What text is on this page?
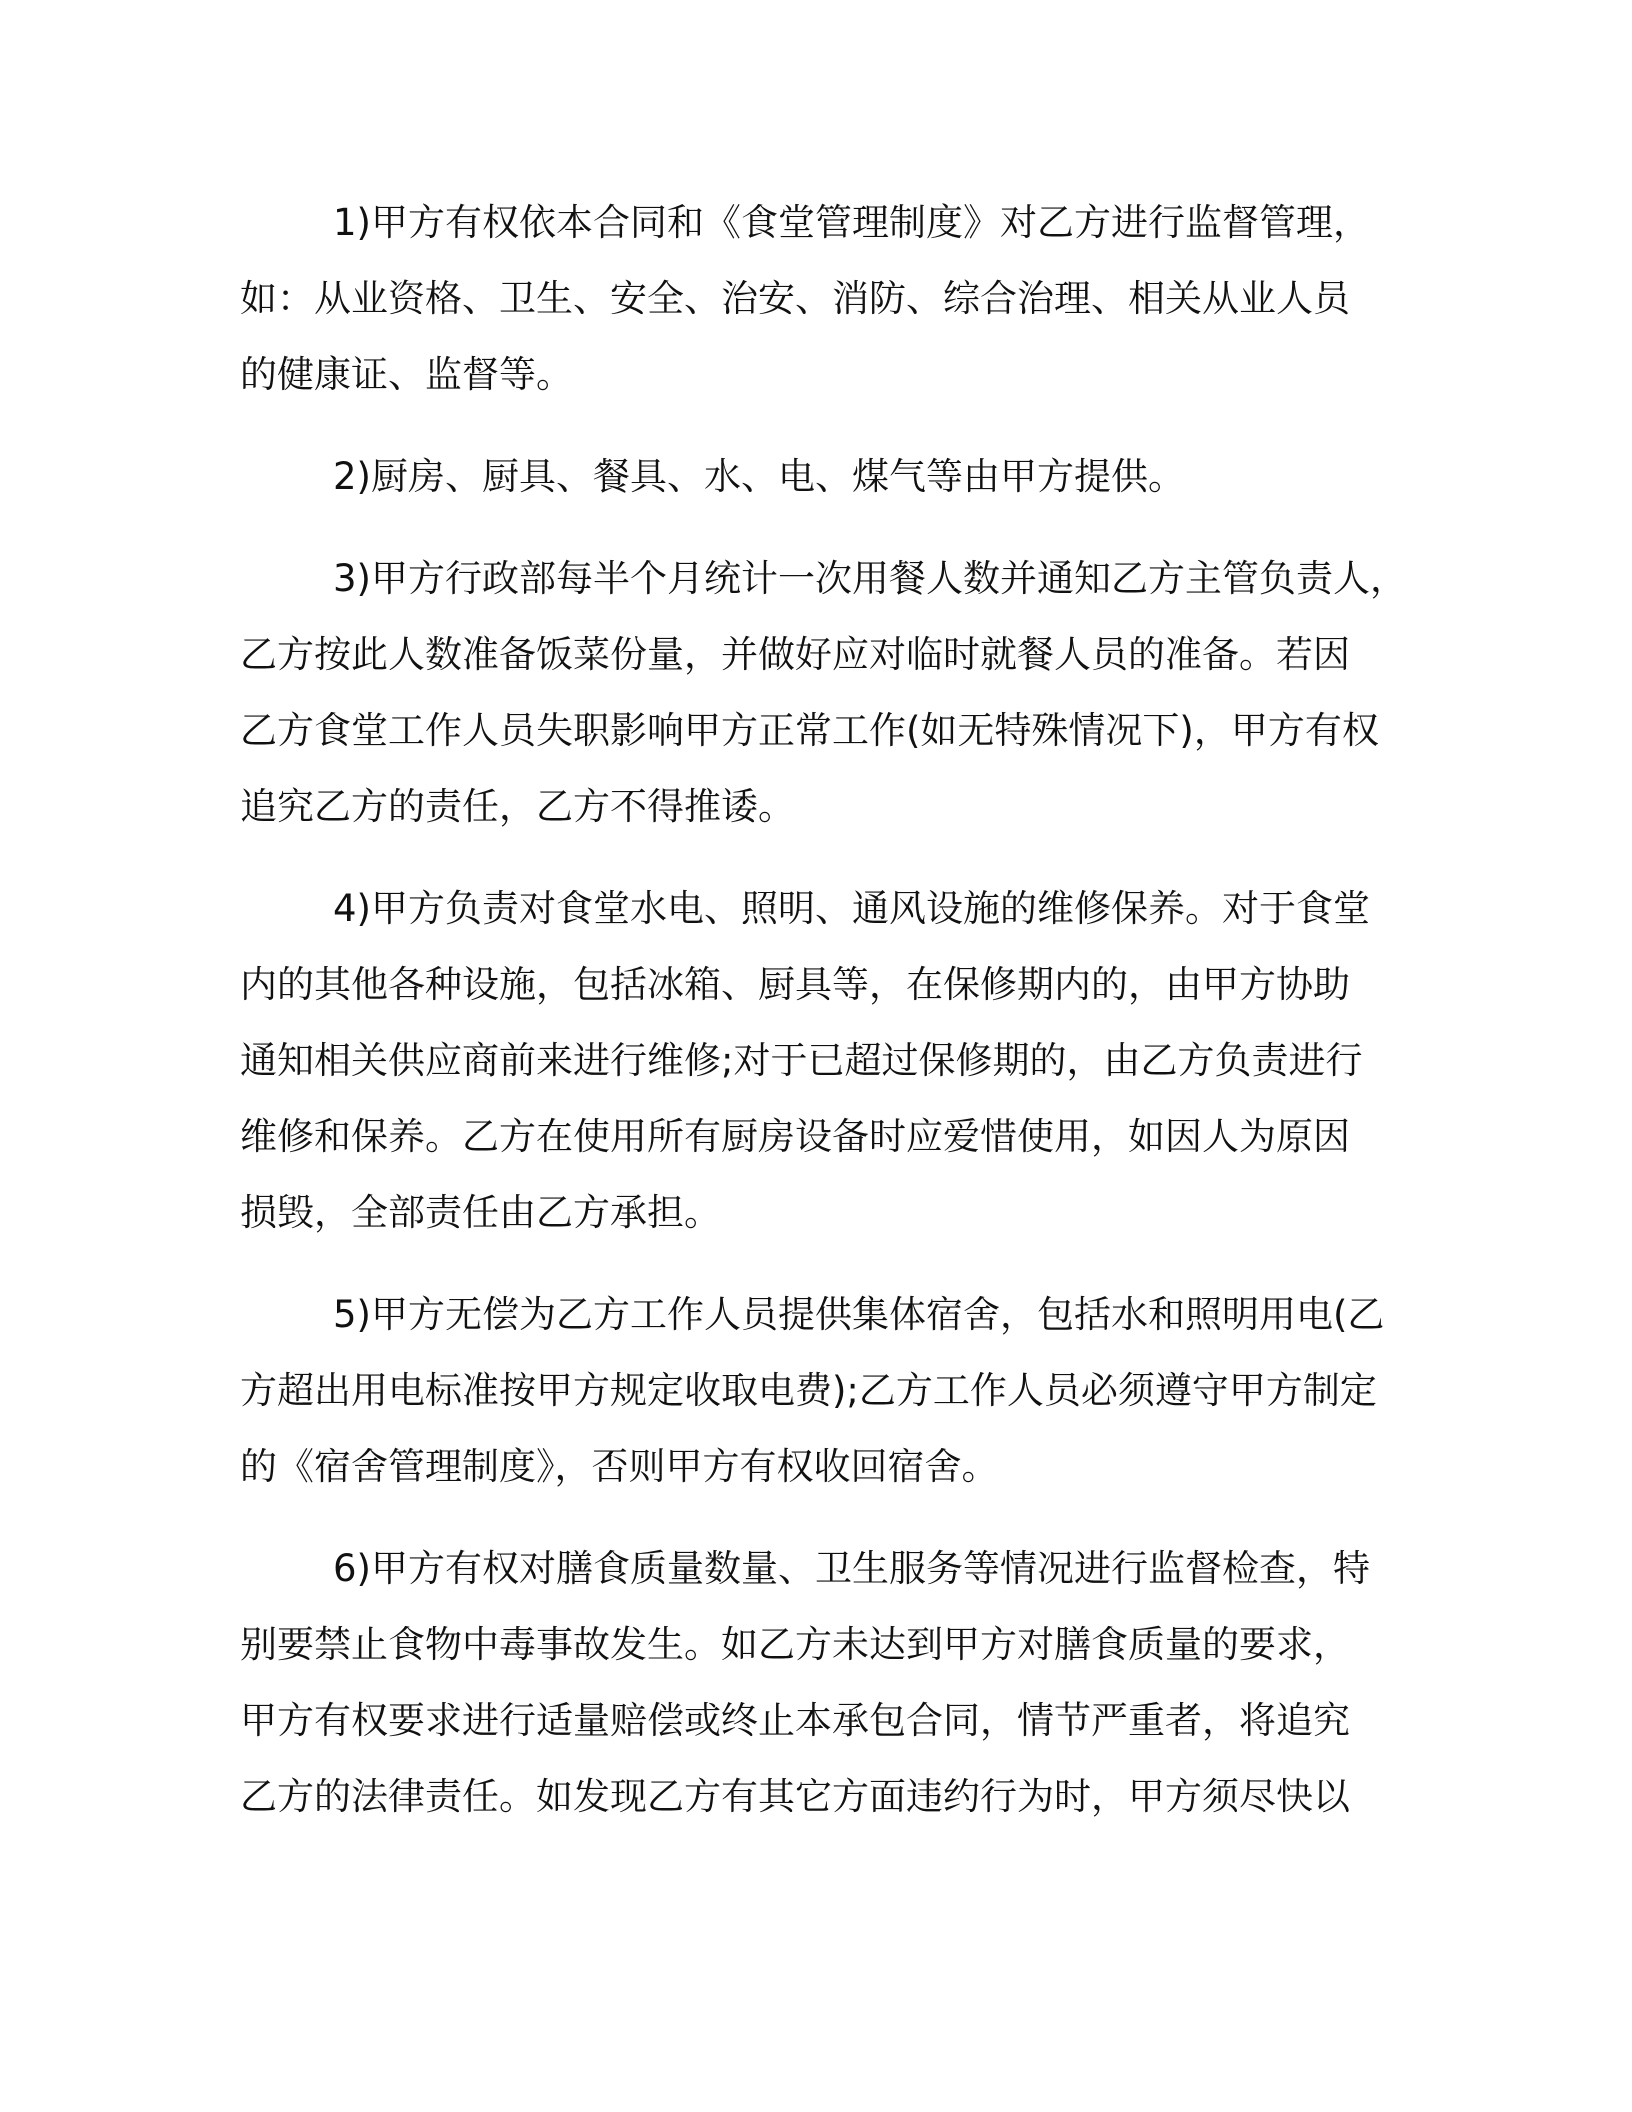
1)甲方有权依本合同和《食堂管理制度》对乙方进行监督管理，
如：从业资格、卫生、安全、治安、消防、综合治理、相关从业人员
的健康证、监督等。
2)厨房、厨具、餐具、水、电、煤气等由甲方提供。
3)甲方行政部每半个月统计一次用餐人数并通知乙方主管负责人，
乙方按此人数准备饭菜份量，并做好应对临时就餐人员的准备。若因
乙方食堂工作人员失职影响甲方正常工作(如无特殊情况下)，甲方有权
追究乙方的责任，乙方不得推诿。
4)甲方负责对食堂水电、照明、通风设施的维修保养。对于食堂
内的其他各种设施，包括冰箱、厨具等，在保修期内的，由甲方协助
通知相关供应商前来进行维修;对于已超过保修期的，由乙方负责进行
维修和保养。乙方在使用所有厨房设备时应爱惜使用，如因人为原因
损毁，全部责任由乙方承担。
5)甲方无偿为乙方工作人员提供集体宿舍，包括水和照明用电(乙
方超出用电标准按甲方规定收取电费);乙方工作人员必须遵守甲方制定
的《宿舍管理制度》，否则甲方有权收回宿舍。
6)甲方有权对膳食质量数量、卫生服务等情况进行监督检查，特
别要禁止食物中毒事故发生。如乙方未达到甲方对膳食质量的要求，
甲方有权要求进行适量赔偿或终止本承包合同，情节严重者，将追究
乙方的法律责任。如发现乙方有其它方面违约行为时，甲方须尽快以
